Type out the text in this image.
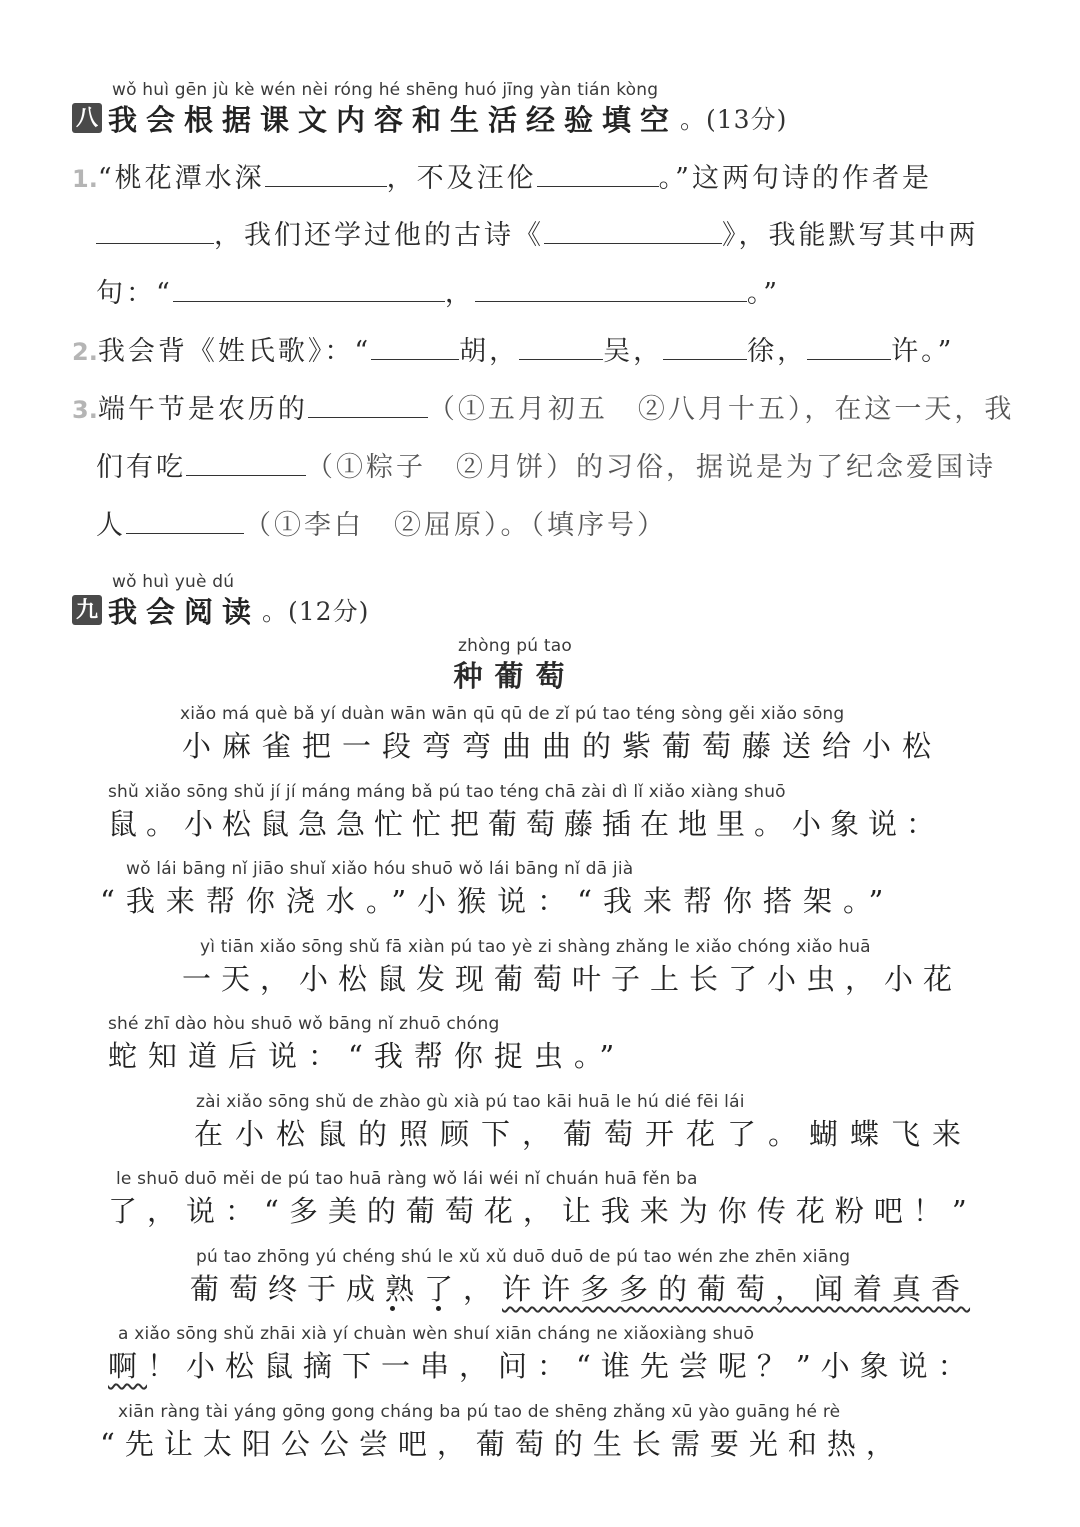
wǒ huì gēn jù kè wén nèi róng hé shēng huó jīng yàn tián kòng
八 我会根据课文内容和生活经验填空 。(13分)
1.“桃花潭水深	，不及汪伦	。”这两句诗的作者是
，我们还学过他的古诗《	》，我能默写其中两
句：“	，	。”
2.我会背《姓氏歌》：“	胡，	吴，	徐，	许。”
3.端午节是农历的	（①五月初五　②八月十五），在这一天，我
们有吃	（①粽子　②月饼）的习俗，据说是为了纪念爱国诗
人	（①李白　②屈原）。（填序号）
wǒ huì yuè dú
九 我会阅读 。(12分)
zhòng pú tao
种葡萄
xiǎo má què bǎ yí duàn wān wān qū qū de zǐ pú tao téng sòng gěi xiǎo sōng
小麻雀把一段弯弯曲曲的紫葡萄藤送给小松
shǔ xiǎo sōng shǔ jí jí máng máng bǎ pú tao téng chā zài dì lǐ xiǎo xiàng shuō
鼠。小松鼠急急忙忙把葡萄藤插在地里。小象说：
wǒ lái bāng nǐ jiāo shuǐ xiǎo hóu shuō wǒ lái bāng nǐ dā jià
“我来帮你浇水。”小猴说：“我来帮你搭架。”
yì tiān xiǎo sōng shǔ fā xiàn pú tao yè zi shàng zhǎng le xiǎo chóng xiǎo huā
一天，小松鼠发现葡萄叶子上长了小虫，小花
shé zhī dào hòu shuō wǒ bāng nǐ zhuō chóng
蛇知道后说：“我帮你捉虫。”
zài xiǎo sōng shǔ de zhào gù xià pú tao kāi huā le hú dié fēi lái
在小松鼠的照顾下，葡萄开花了。蝴蝶飞来
le shuō duō měi de pú tao huā ràng wǒ lái wéi nǐ chuán huā fěn ba
了，说：“多美的葡萄花，让我来为你传花粉吧！”
pú tao zhōng yú chéng shú le xǔ xǔ duō duō de pú tao wén zhe zhēn xiāng
葡萄终于成熟了，许许多多的葡萄，闻着真香
a xiǎo sōng shǔ zhāi xià yí chuàn wèn shuí xiān cháng ne xiǎoxiàng shuō
啊！小松鼠摘下一串，问：“谁先尝呢？”小象说：
xiān ràng tài yáng gōng gong cháng ba pú tao de shēng zhǎng xū yào guāng hé rè
“先让太阳公公尝吧，葡萄的生长需要光和热，
